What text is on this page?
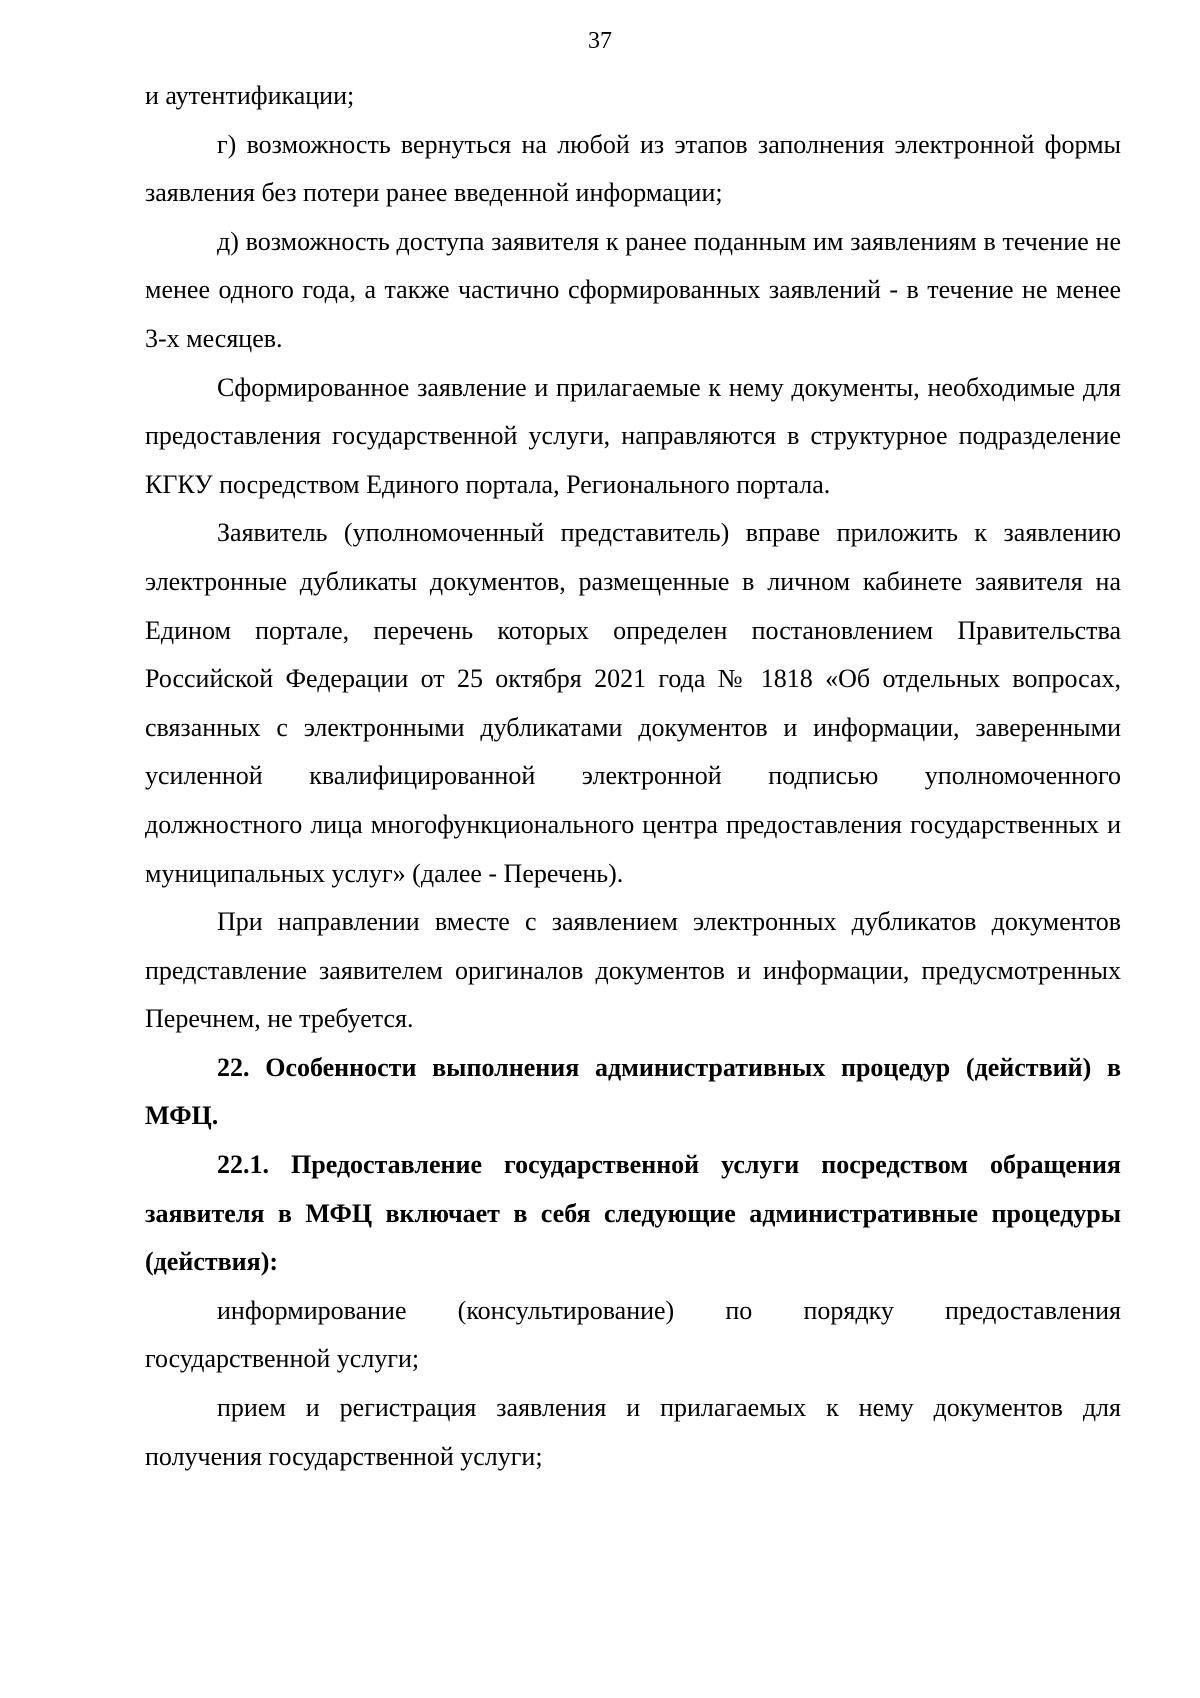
37

и аутентификации;

г) возможность вернуться на любой из этапов заполнения электронной формы заявления без потери ранее введенной информации;

д) возможность доступа заявителя к ранее поданным им заявлениям в течение не менее одного года, а также частично сформированных заявлений - в течение не менее 3-х месяцев.

Сформированное заявление и прилагаемые к нему документы, необходимые для предоставления государственной услуги, направляются в структурное подразделение КГКУ посредством Единого портала, Регионального портала.

Заявитель (уполномоченный представитель) вправе приложить к заявлению электронные дубликаты документов, размещенные в личном кабинете заявителя на Едином портале, перечень которых определен постановлением Правительства Российской Федерации от 25 октября 2021 года № 1818 «Об отдельных вопросах, связанных с электронными дубликатами документов и информации, заверенными усиленной квалифицированной электронной подписью уполномоченного должностного лица многофункционального центра предоставления государственных и муниципальных услуг» (далее - Перечень).

При направлении вместе с заявлением электронных дубликатов документов представление заявителем оригиналов документов и информации, предусмотренных Перечнем, не требуется.

22. Особенности выполнения административных процедур (действий) в МФЦ.

22.1. Предоставление государственной услуги посредством обращения заявителя в МФЦ включает в себя следующие административные процедуры (действия):

информирование (консультирование) по порядку предоставления государственной услуги;

прием и регистрация заявления и прилагаемых к нему документов для получения государственной услуги;
